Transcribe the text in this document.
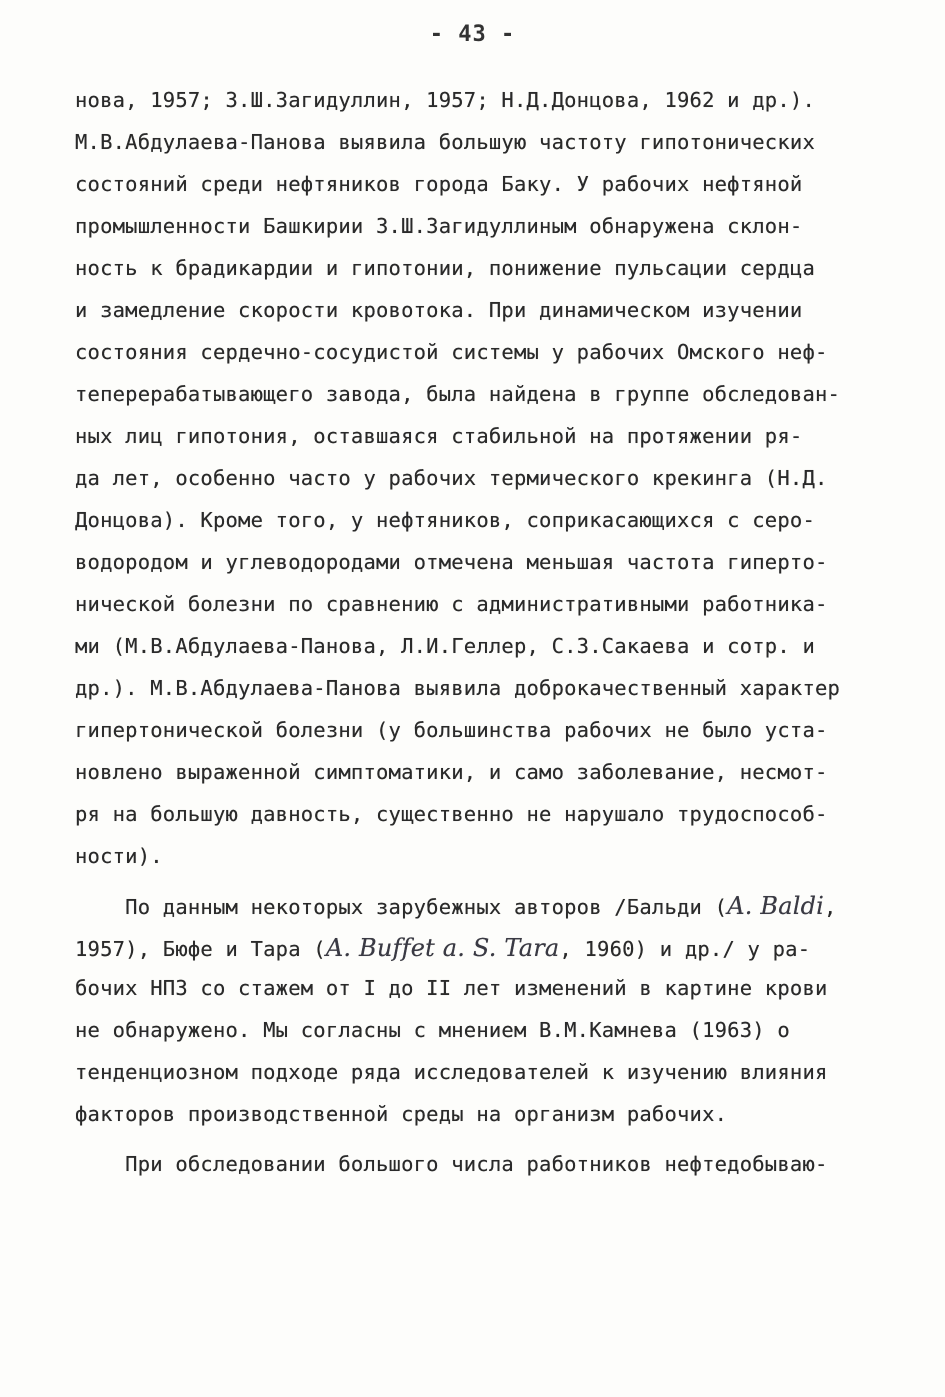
- 43 -
нова, 1957; З.Ш.Загидуллин, 1957; Н.Д.Донцова, 1962 и др.).
М.В.Абдулаева-Панова выявила большую частоту гипотонических
состояний среди нефтяников города Баку. У рабочих нефтяной
промышленности Башкирии З.Ш.Загидуллиным обнаружена склон-
ность к брадикардии и гипотонии, понижение пульсации сердца
и замедление скорости кровотока. При динамическом изучении
состояния сердечно-сосудистой системы у рабочих Омского неф-
теперерабатывающего завода, была найдена в группе обследован-
ных лиц гипотония, оставшаяся стабильной на протяжении ря-
да лет, особенно часто у рабочих термического крекинга (Н.Д.
Донцова). Кроме того, у нефтяников, соприкасающихся с серо-
водородом и углеводородами отмечена меньшая частота гиперто-
нической болезни по сравнению с административными работника-
ми (М.В.Абдулаева-Панова, Л.И.Геллер, С.З.Сакаева и сотр. и
др.). М.В.Абдулаева-Панова выявила доброкачественный характер
гипертонической болезни (у большинства рабочих не было уста-
новлено выраженной симптоматики, и само заболевание, несмот-
ря на большую давность, существенно не нарушало трудоспособ-
ности).
По данным некоторых зарубежных авторов /Бальди (A. Baldi,
1957), Бюфе и Тара (A. Buffet a. S. Tara, 1960) и др./ у ра-
бочих НПЗ со стажем от I до II лет изменений в картине крови
не обнаружено. Мы согласны с мнением В.М.Камнева (1963) о
тенденциозном подходе ряда исследователей к изучению влияния
факторов производственной среды на организм рабочих.
При обследовании большого числа работников нефтедобываю-
